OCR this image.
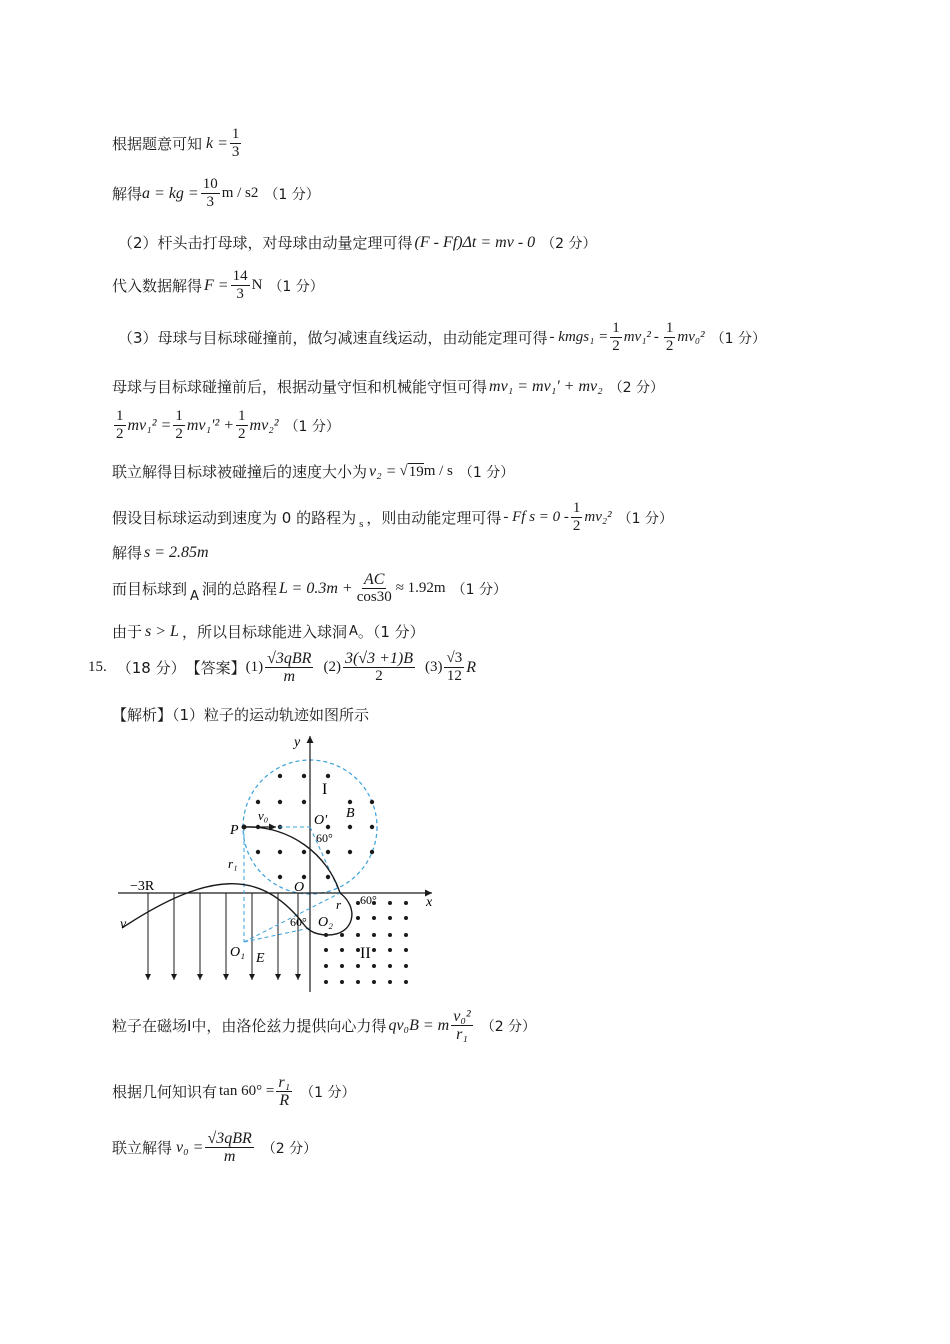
根据题意可知 $k = \frac{1}{3}$
解得 a = kg = $\frac{10}{3}$ m / s 2 （1 分）
（2）杆头击打母球，对母球由动量定理可得 (F - Ff)Δt = mv - 0 （2 分）
代入数据解得 $F = \frac{14}{3}$ N （1 分）
（3）母球与目标球碰撞前，做匀减速直线运动，由动能定理可得 - kmgs₁ = $\frac{1}{2} mv_1^2 - \frac{1}{2} mv_0^2$ （1 分）
母球与目标球碰撞前后，根据动量守恒和机械能守恒可得 mv₁ = mv₁' + mv₂ （2 分）
$\frac{1}{2} mv_1^2 = \frac{1}{2} mv_1'^2 + \frac{1}{2} mv_2^2$ （1 分）
联立解得目标球被碰撞后的速度大小为 v₂ = √ 19 m / s （1 分）
假设目标球运动到速度为 0 的路程为 s ，则由动能定理可得 - Ff $s = 0 - \frac{1}{2} mv_2^2$ （1 分）
解得 s = 2.85m
而目标球到 A 洞的总路程 $L = 0.3m + \frac{AC}{\cos 30} \approx 1.92m$ （1 分）
由于 s > L ，所以目标球能进入球洞 A 。（1 分）
15. （18 分） 【答案】 $(1) \frac{\text{√3qBR}}{m} (2) \frac{3(√3 +1)B}{2} (3) \frac{√3}{12}$ R
【解析】（1）粒子的运动轨迹如图所示
y
x
I
B
P
v₀	O'
60°
r₁
O
−3R
60°
r
O₂
60°
II
v
O₁ E
粒子在磁场Ⅰ中，由洛伦兹力提供向心力得 qv₀B = m $\frac{\text{v₀²}}{\text{r₁}} (2$ 分）
根据几何知识有 $\tan 60^\circ = \frac{\text{r₁}}{R} (1$ 分）
联立解得 $v_0 = \frac{\text{√3qBR}}{m} (2$ 分）
